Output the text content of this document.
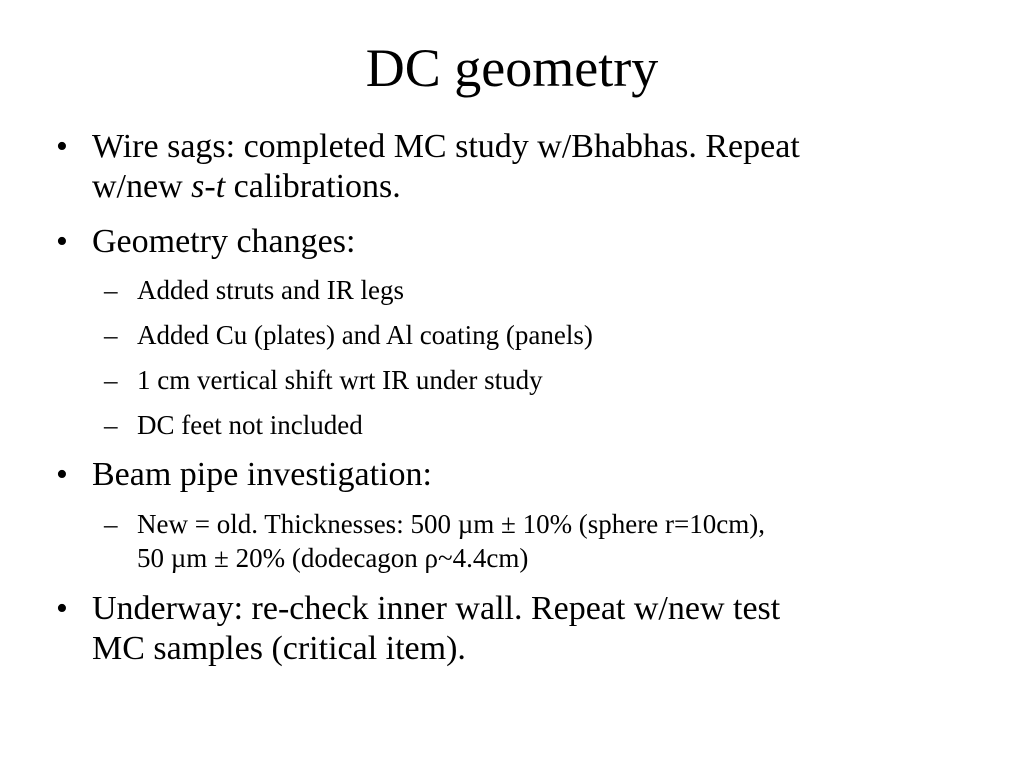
DC geometry
• Wire sags: completed MC study w/Bhabhas. Repeat
w/new s-t calibrations.
• Geometry changes:
– Added struts and IR legs
– Added Cu (plates) and Al coating (panels)
– 1 cm vertical shift wrt IR under study
– DC feet not included
• Beam pipe investigation:
– New = old. Thicknesses: 500 µm ± 10% (sphere r=10cm),
50 µm ± 20% (dodecagon ρ~4.4cm)
• Underway: re-check inner wall. Repeat w/new test
MC samples (critical item).
